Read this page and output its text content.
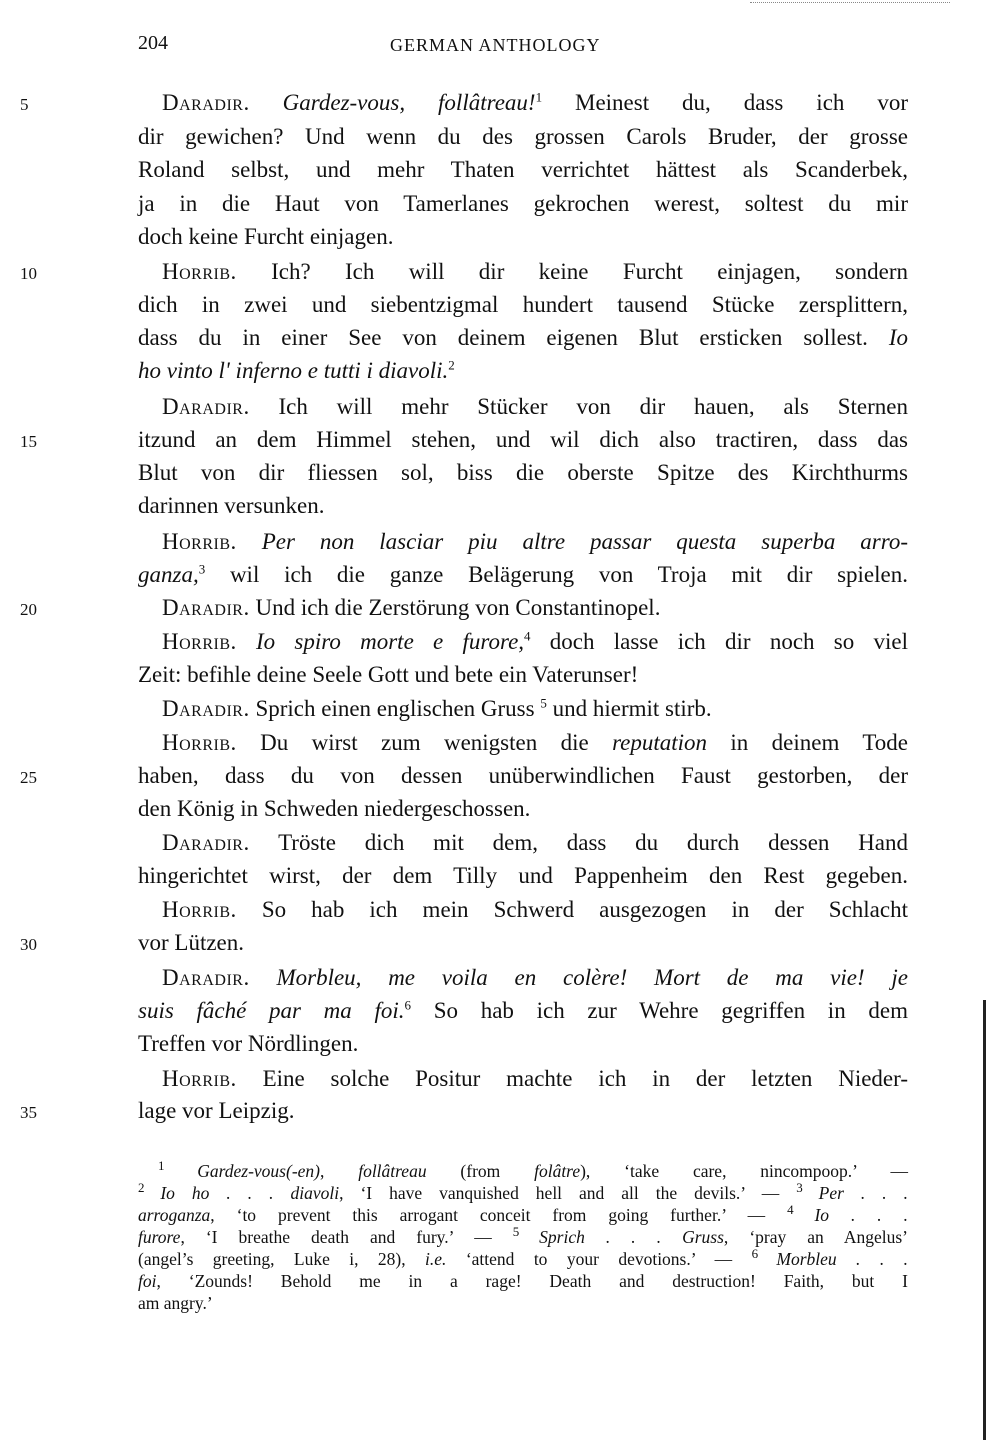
204	GERMAN ANTHOLOGY
5	Daradir. Gardez-vous, follâtreau!$^1$ Meinest du, dass ich vor
dir gewichen? Und wenn du des grossen Carols Bruder, der grosse
Roland selbst, und mehr Thaten verrichtet hättest als Scanderbek,
ja in die Haut von Tamerlanes gekrochen werest, soltest du mir
doch keine Furcht einjagen.
10	Horrib. Ich? Ich will dir keine Furcht einjagen, sondern
dich in zwei und siebentzigmal hundert tausend Stücke zersplittern,
dass du in einer See von deinem eigenen Blut ersticken sollest. Io
ho vinto l' inferno e tutti i diavoli.$^2$
Daradir. Ich will mehr Stücker von dir hauen, als Sternen
15	itzund an dem Himmel stehen, und wil dich also tractiren, dass das
Blut von dir fliessen sol, biss die oberste Spitze des Kirchthurms
darinnen versunken.
Horrib. Per non lasciar piu altre passar questa superba arro-
ganza,$^3$ wil ich die ganze Belägerung von Troja mit dir spielen.
20	Daradir. Und ich die Zerstörung von Constantinopel.
Horrib. Io spiro morte e furore,$^4$ doch lasse ich dir noch so viel
Zeit: befihle deine Seele Gott und bete ein Vaterunser!
Daradir. Sprich einen englischen Gruss $^5$ und hiermit stirb.
Horrib. Du wirst zum wenigsten die reputation in deinem Tode
25	haben, dass du von dessen unüberwindlichen Faust gestorben, der
den König in Schweden niedergeschossen.
Daradir. Tröste dich mit dem, dass du durch dessen Hand
hingerichtet wirst, der dem Tilly und Pappenheim den Rest gegeben.
Horrib. So hab ich mein Schwerd ausgezogen in der Schlacht
30	vor Lützen.
Daradir. Morbleu, me voila en colère! Mort de ma vie! je
suis fâché par ma foi.$^6$ So hab ich zur Wehre gegriffen in dem
Treffen vor Nördlingen.
Horrib. Eine solche Positur machte ich in der letzten Nieder-
35	lage vor Leipzig.
$^1$ Gardez-vous(-en), follâtreau (from folâtre), ‘take care, nincompoop.’ —
$^2$ Io ho . . . diavoli, ‘I have vanquished hell and all the devils.’ — $^3$ Per . . .
arroganza, ‘to prevent this arrogant conceit from going further.’ — $^4$ Io . . .
furore, ‘I breathe death and fury.’ — $^5$ Sprich . . . Gruss, ‘pray an Angelus’
(angel’s greeting, Luke i, 28), i.e. ‘attend to your devotions.’ — $^6$ Morbleu . . .
foi, ‘Zounds! Behold me in a rage! Death and destruction! Faith, but I
am angry.’
